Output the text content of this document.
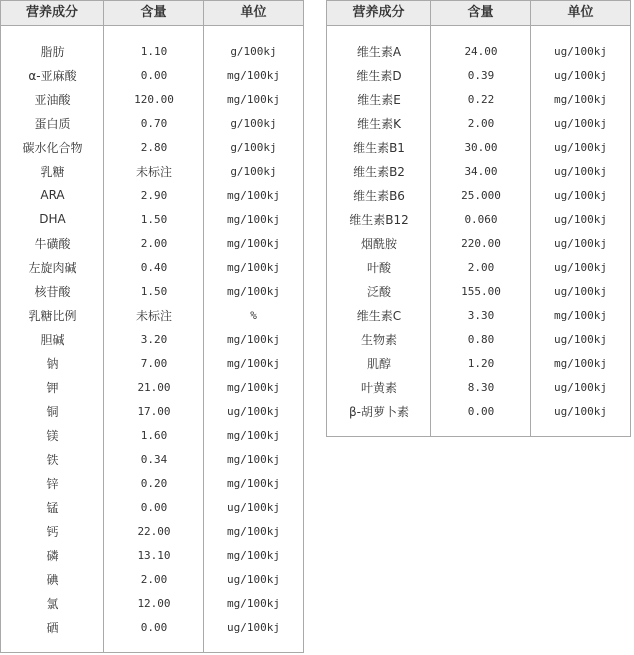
营养成分	含量	单位
脂肪	1.10	g/100kj
α-亚麻酸	0.00	mg/100kj
亚油酸	120.00	mg/100kj
蛋白质	0.70	g/100kj
碳水化合物	2.80	g/100kj
乳糖	未标注	g/100kj
ARA	2.90	mg/100kj
DHA	1.50	mg/100kj
牛磺酸	2.00	mg/100kj
左旋肉碱	0.40	mg/100kj
核苷酸	1.50	mg/100kj
乳糖比例	未标注	%
胆碱	3.20	mg/100kj
钠	7.00	mg/100kj
钾	21.00	mg/100kj
铜	17.00	ug/100kj
镁	1.60	mg/100kj
铁	0.34	mg/100kj
锌	0.20	mg/100kj
锰	0.00	ug/100kj
钙	22.00	mg/100kj
磷	13.10	mg/100kj
碘	2.00	ug/100kj
氯	12.00	mg/100kj
硒	0.00	ug/100kj
营养成分	含量	单位
维生素A	24.00	ug/100kj
维生素D	0.39	ug/100kj
维生素E	0.22	mg/100kj
维生素K	2.00	ug/100kj
维生素B1	30.00	ug/100kj
维生素B2	34.00	ug/100kj
维生素B6	25.000	ug/100kj
维生素B12	0.060	ug/100kj
烟酰胺	220.00	ug/100kj
叶酸	2.00	ug/100kj
泛酸	155.00	ug/100kj
维生素C	3.30	mg/100kj
生物素	0.80	ug/100kj
肌醇	1.20	mg/100kj
叶黄素	8.30	ug/100kj
β-胡萝卜素	0.00	ug/100kj
